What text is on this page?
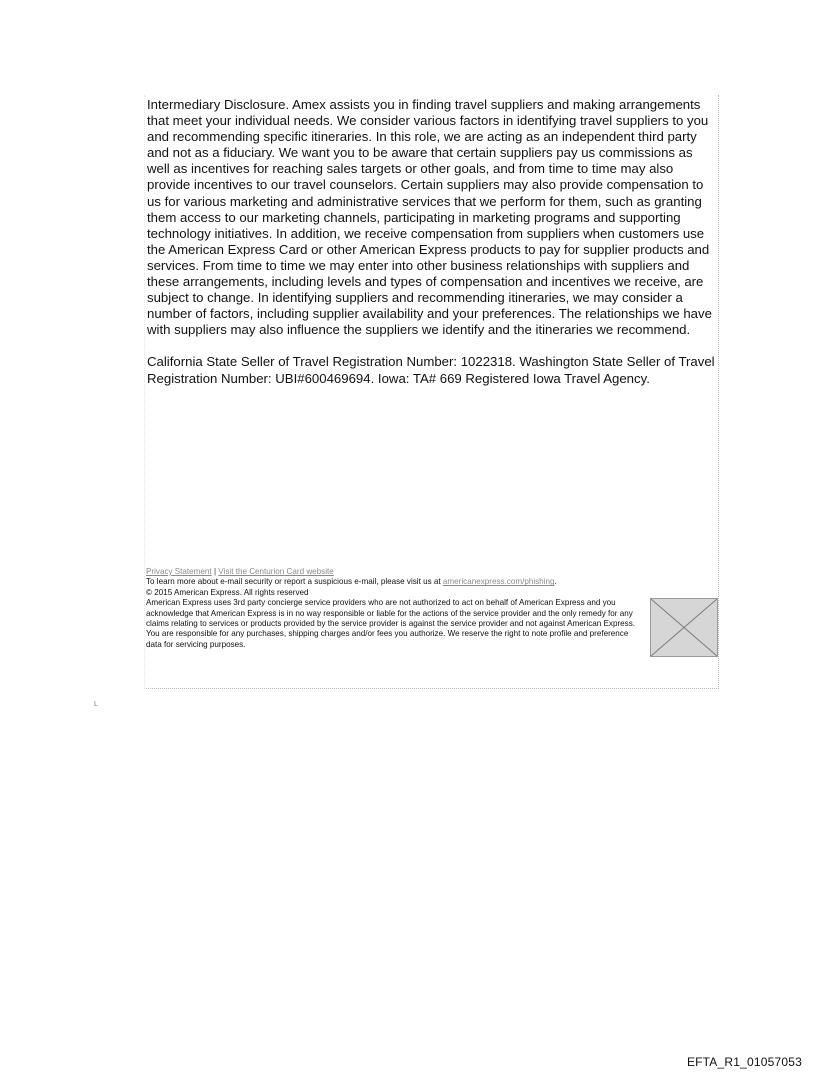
Intermediary Disclosure. Amex assists you in finding travel suppliers and making arrangements that meet your individual needs. We consider various factors in identifying travel suppliers to you and recommending specific itineraries. In this role, we are acting as an independent third party and not as a fiduciary. We want you to be aware that certain suppliers pay us commissions as well as incentives for reaching sales targets or other goals, and from time to time may also provide incentives to our travel counselors. Certain suppliers may also provide compensation to us for various marketing and administrative services that we perform for them, such as granting them access to our marketing channels, participating in marketing programs and supporting technology initiatives. In addition, we receive compensation from suppliers when customers use the American Express Card or other American Express products to pay for supplier products and services. From time to time we may enter into other business relationships with suppliers and these arrangements, including levels and types of compensation and incentives we receive, are subject to change. In identifying suppliers and recommending itineraries, we may consider a number of factors, including supplier availability and your preferences. The relationships we have with suppliers may also influence the suppliers we identify and the itineraries we recommend.

California State Seller of Travel Registration Number: 1022318. Washington State Seller of Travel Registration Number: UBI#600469694. Iowa: TA# 669 Registered Iowa Travel Agency.

Privacy Statement | Visit the Centurion Card website
To learn more about e-mail security or report a suspicious e-mail, please visit us at americanexpress.com/phishing.
© 2015 American Express. All rights reserved
American Express uses 3rd party concierge service providers who are not authorized to act on behalf of American Express and you acknowledge that American Express is in no way responsible or liable for the actions of the service provider and the only remedy for any claims relating to services or products provided by the service provider is against the service provider and not against American Express. You are responsible for any purchases, shipping charges and/or fees you authorize. We reserve the right to note profile and preference data for servicing purposes.
L
EFTA_R1_01057053
